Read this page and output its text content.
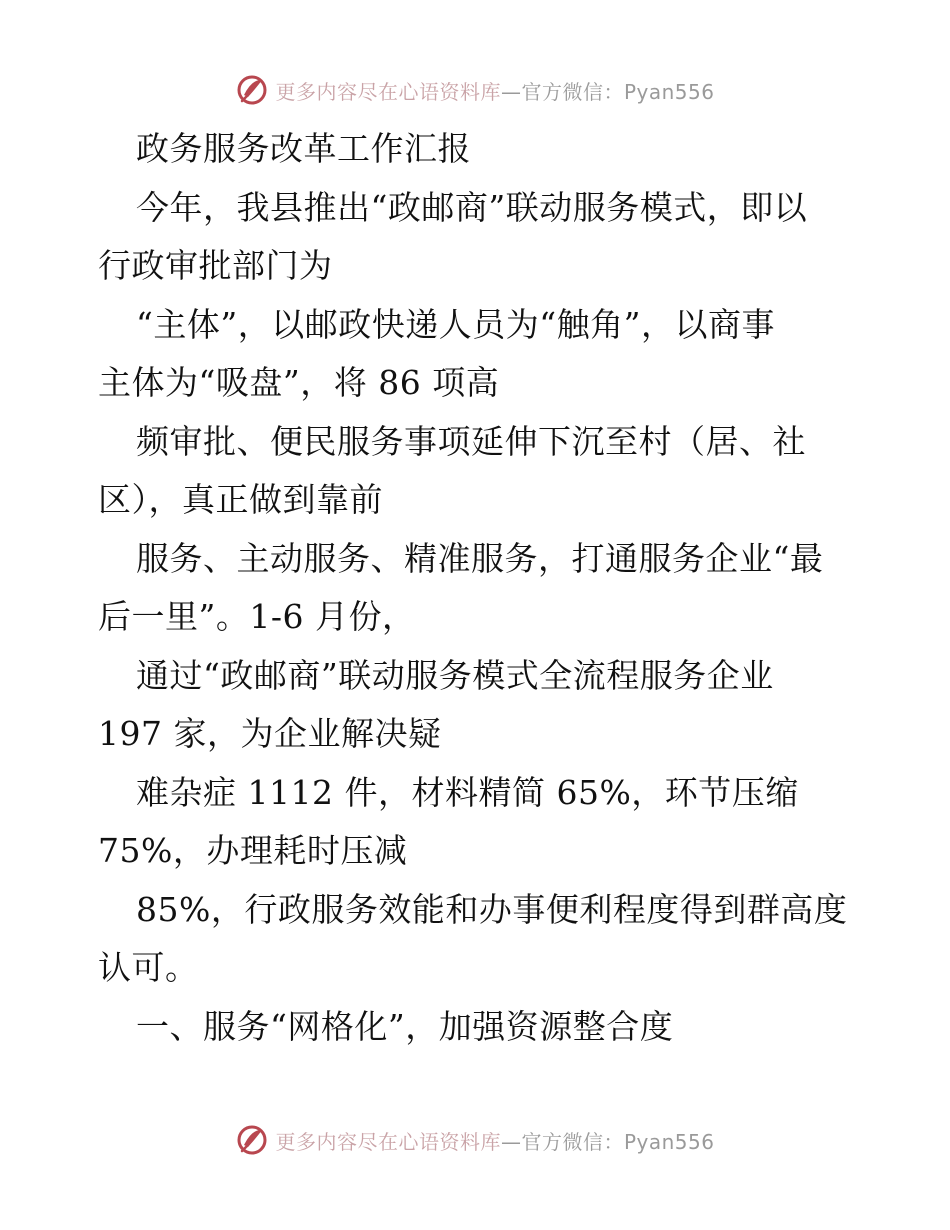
更多内容尽在心语资料库—官方微信：Pyan556
政务服务改革工作汇报
今年，我县推出“政邮商”联动服务模式，即以
行政审批部门为
“主体”，以邮政快递人员为“触角”，以商事
主体为“吸盘”，将 86 项高
频审批、便民服务事项延伸下沉至村（居、社
区），真正做到靠前
服务、主动服务、精准服务，打通服务企业“最
后一里”。1-6 月份，
通过“政邮商”联动服务模式全流程服务企业
197 家，为企业解决疑
难杂症 1112 件，材料精简 65%，环节压缩
75%，办理耗时压减
85%，行政服务效能和办事便利程度得到群高度
认可。
一、服务“网格化”，加强资源整合度
更多内容尽在心语资料库—官方微信：Pyan556
